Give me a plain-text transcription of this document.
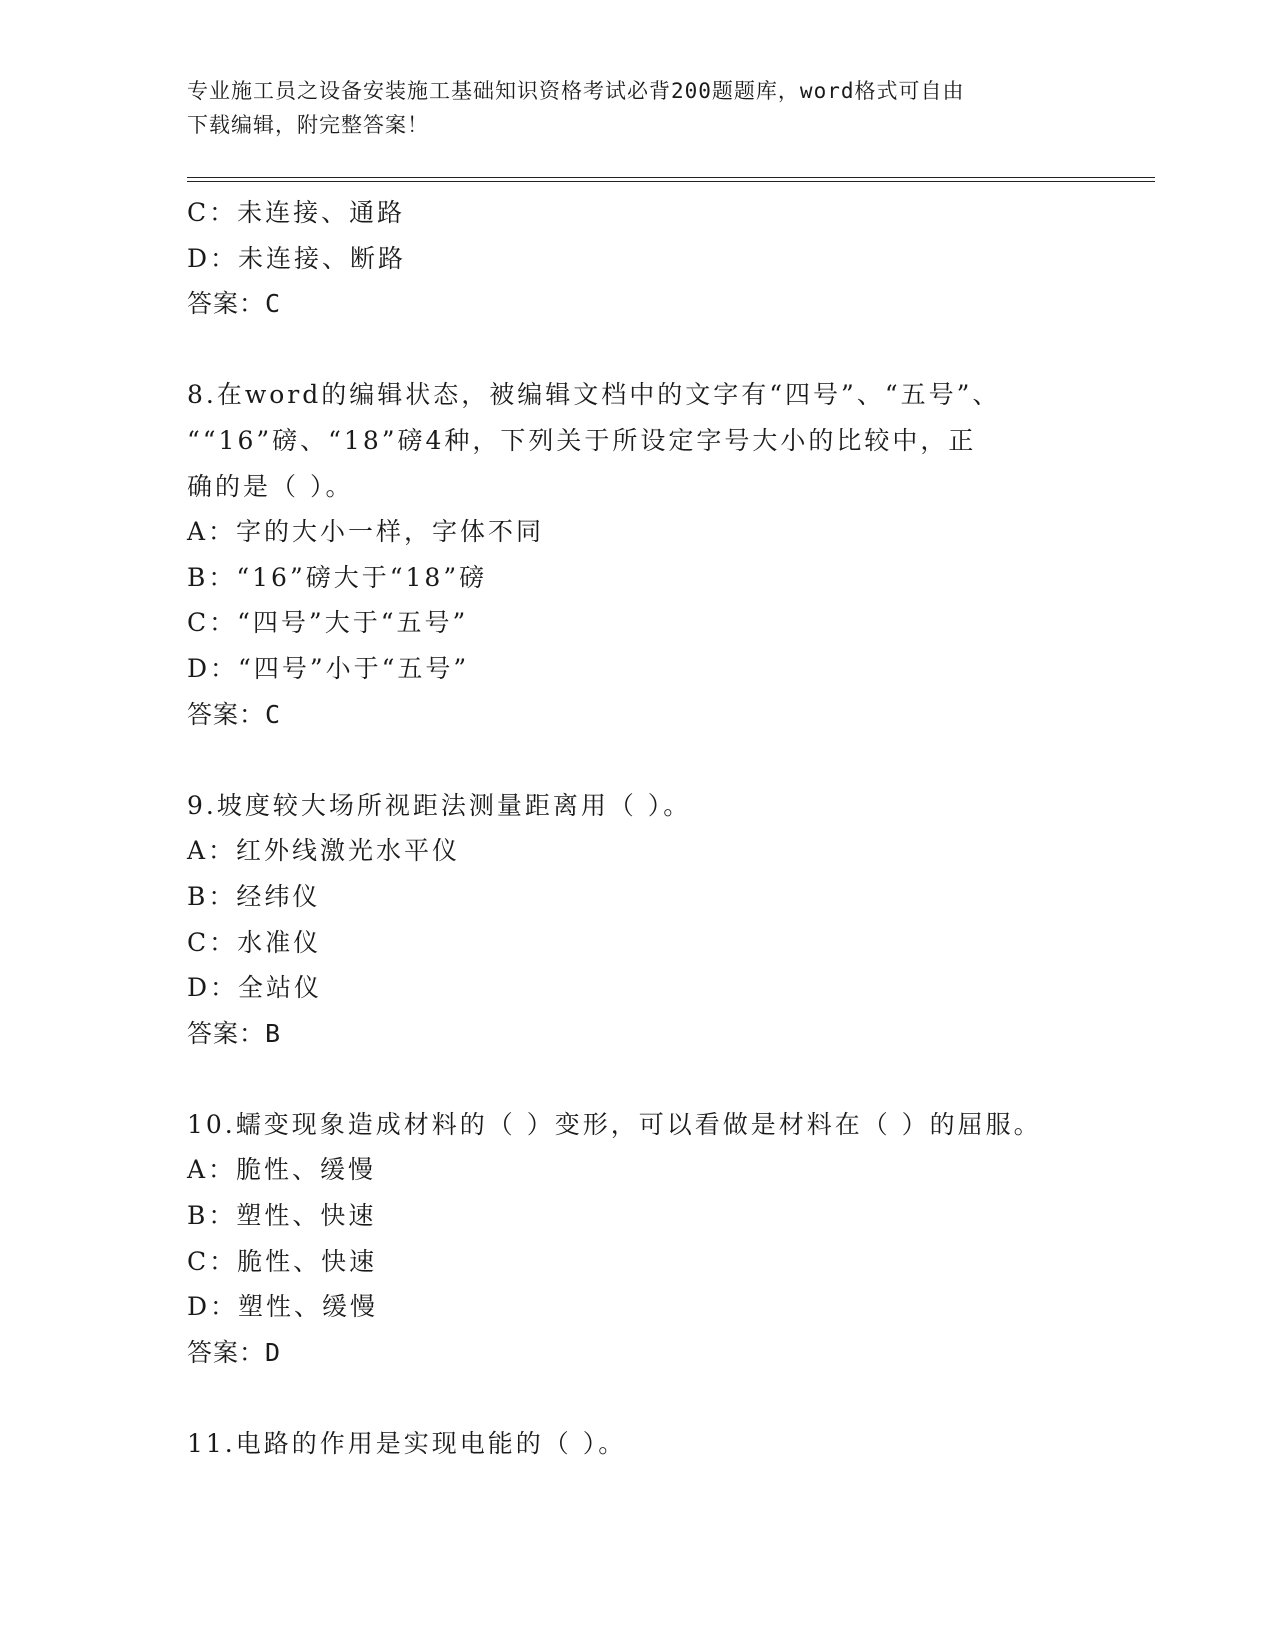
专业施工员之设备安装施工基础知识资格考试必背200题题库，word格式可自由
下载编辑，附完整答案！
C：未连接、通路
D：未连接、断路
答案：C
8.在word的编辑状态，被编辑文档中的文字有“四号”、“五号”、
““16”磅、“18”磅4种，下列关于所设定字号大小的比较中，正
确的是（ ）。
A：字的大小一样，字体不同
B：“16”磅大于“18”磅
C：“四号”大于“五号”
D：“四号”小于“五号”
答案：C
9.坡度较大场所视距法测量距离用（ ）。
A：红外线激光水平仪
B：经纬仪
C：水准仪
D：全站仪
答案：B
10.蠕变现象造成材料的（ ）变形，可以看做是材料在（ ）的屈服。
A：脆性、缓慢
B：塑性、快速
C：脆性、快速
D：塑性、缓慢
答案：D
11.电路的作用是实现电能的（ ）。
